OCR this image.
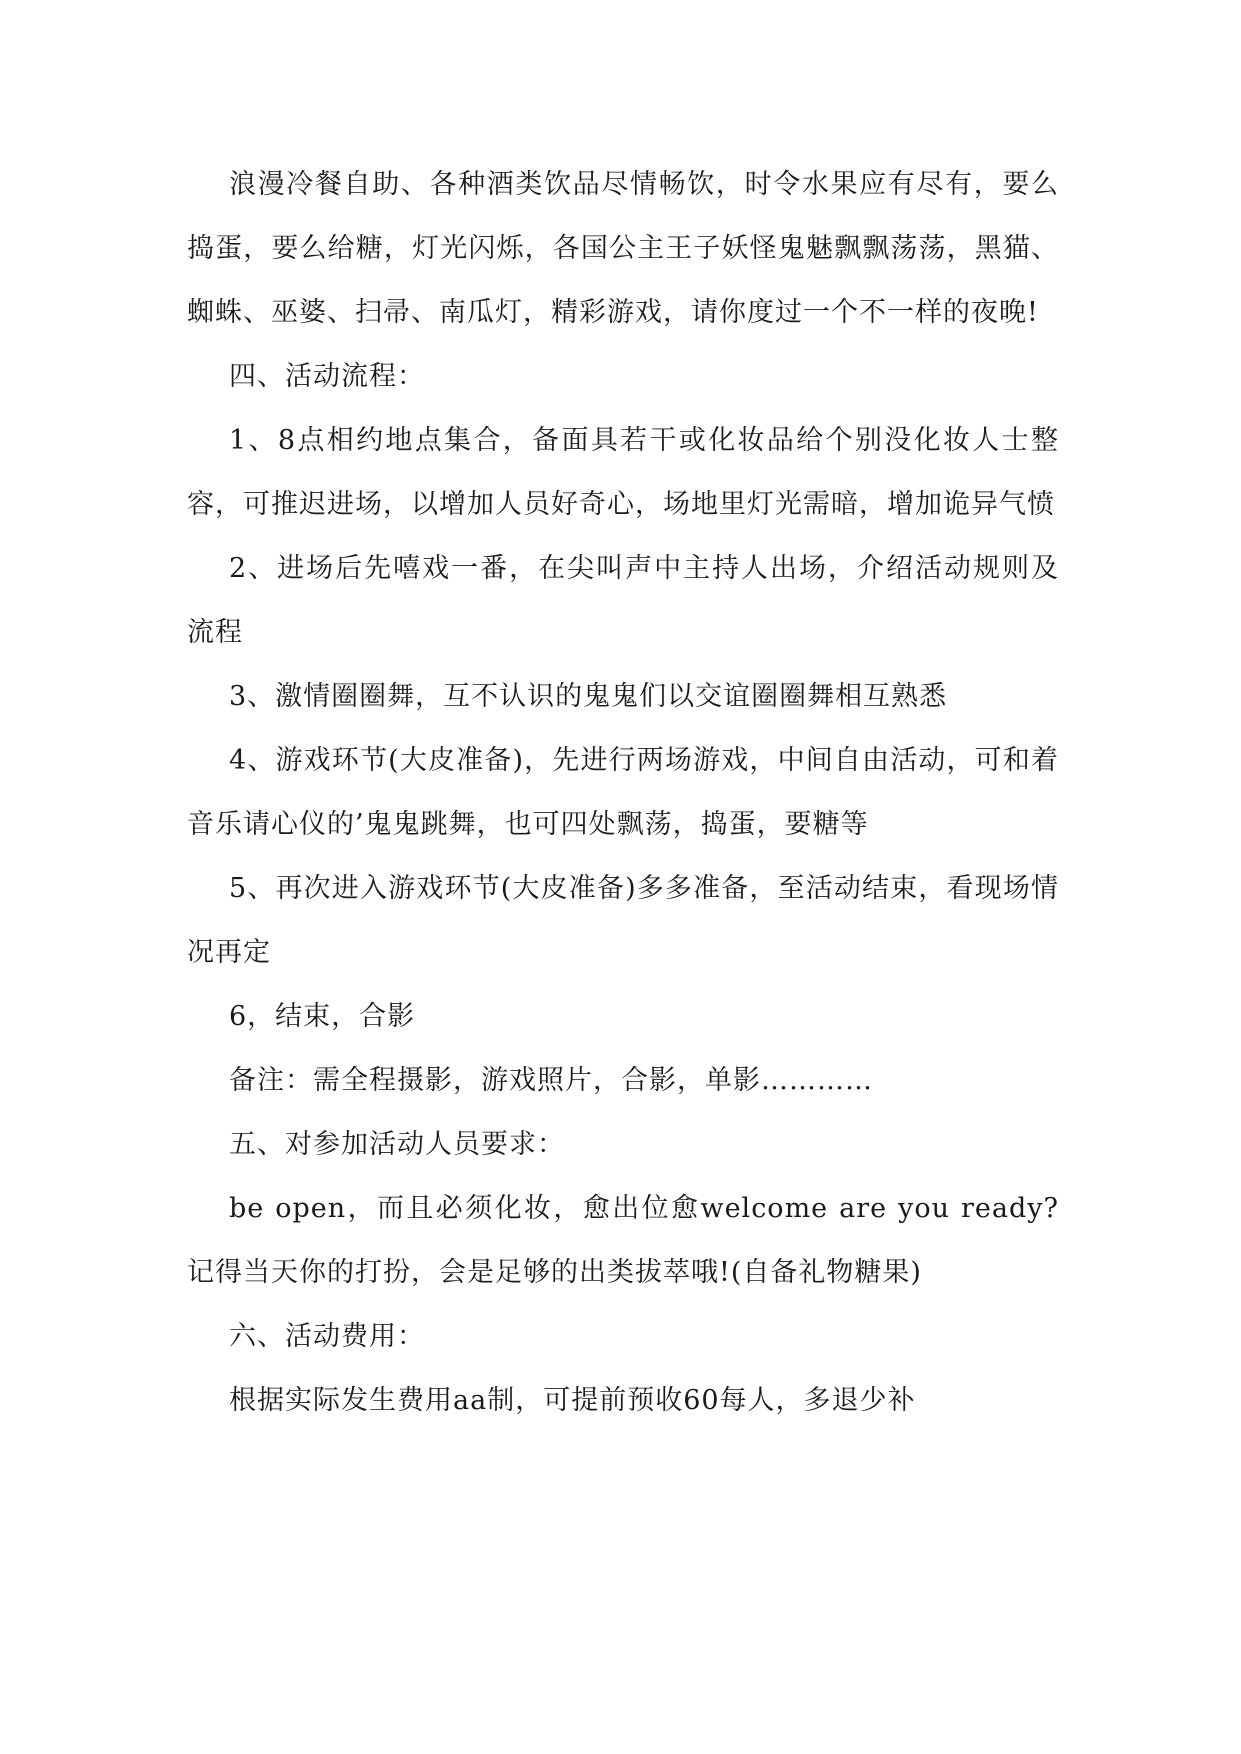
浪漫冷餐自助、各种酒类饮品尽情畅饮，时令水果应有尽有，要么捣蛋，要么给糖，灯光闪烁，各国公主王子妖怪鬼魅飘飘荡荡，黑猫、蜘蛛、巫婆、扫帚、南瓜灯，精彩游戏，请你度过一个不一样的夜晚!

四、活动流程：

1、8点相约地点集合，备面具若干或化妆品给个别没化妆人士整容，可推迟进场，以增加人员好奇心，场地里灯光需暗，增加诡异气愤

2、进场后先嘻戏一番，在尖叫声中主持人出场，介绍活动规则及流程

3、激情圈圈舞，互不认识的鬼鬼们以交谊圈圈舞相互熟悉

4、游戏环节(大皮准备)，先进行两场游戏，中间自由活动，可和着音乐请心仪的’鬼鬼跳舞，也可四处飘荡，捣蛋，要糖等

5、再次进入游戏环节(大皮准备)多多准备，至活动结束，看现场情况再定

6，结束，合影

备注：需全程摄影，游戏照片，合影，单影…………

五、对参加活动人员要求：

be open，而且必须化妆，愈出位愈welcome are you ready? 记得当天你的打扮，会是足够的出类拔萃哦!(自备礼物糖果)

六、活动费用：

根据实际发生费用aa制，可提前预收60每人，多退少补
